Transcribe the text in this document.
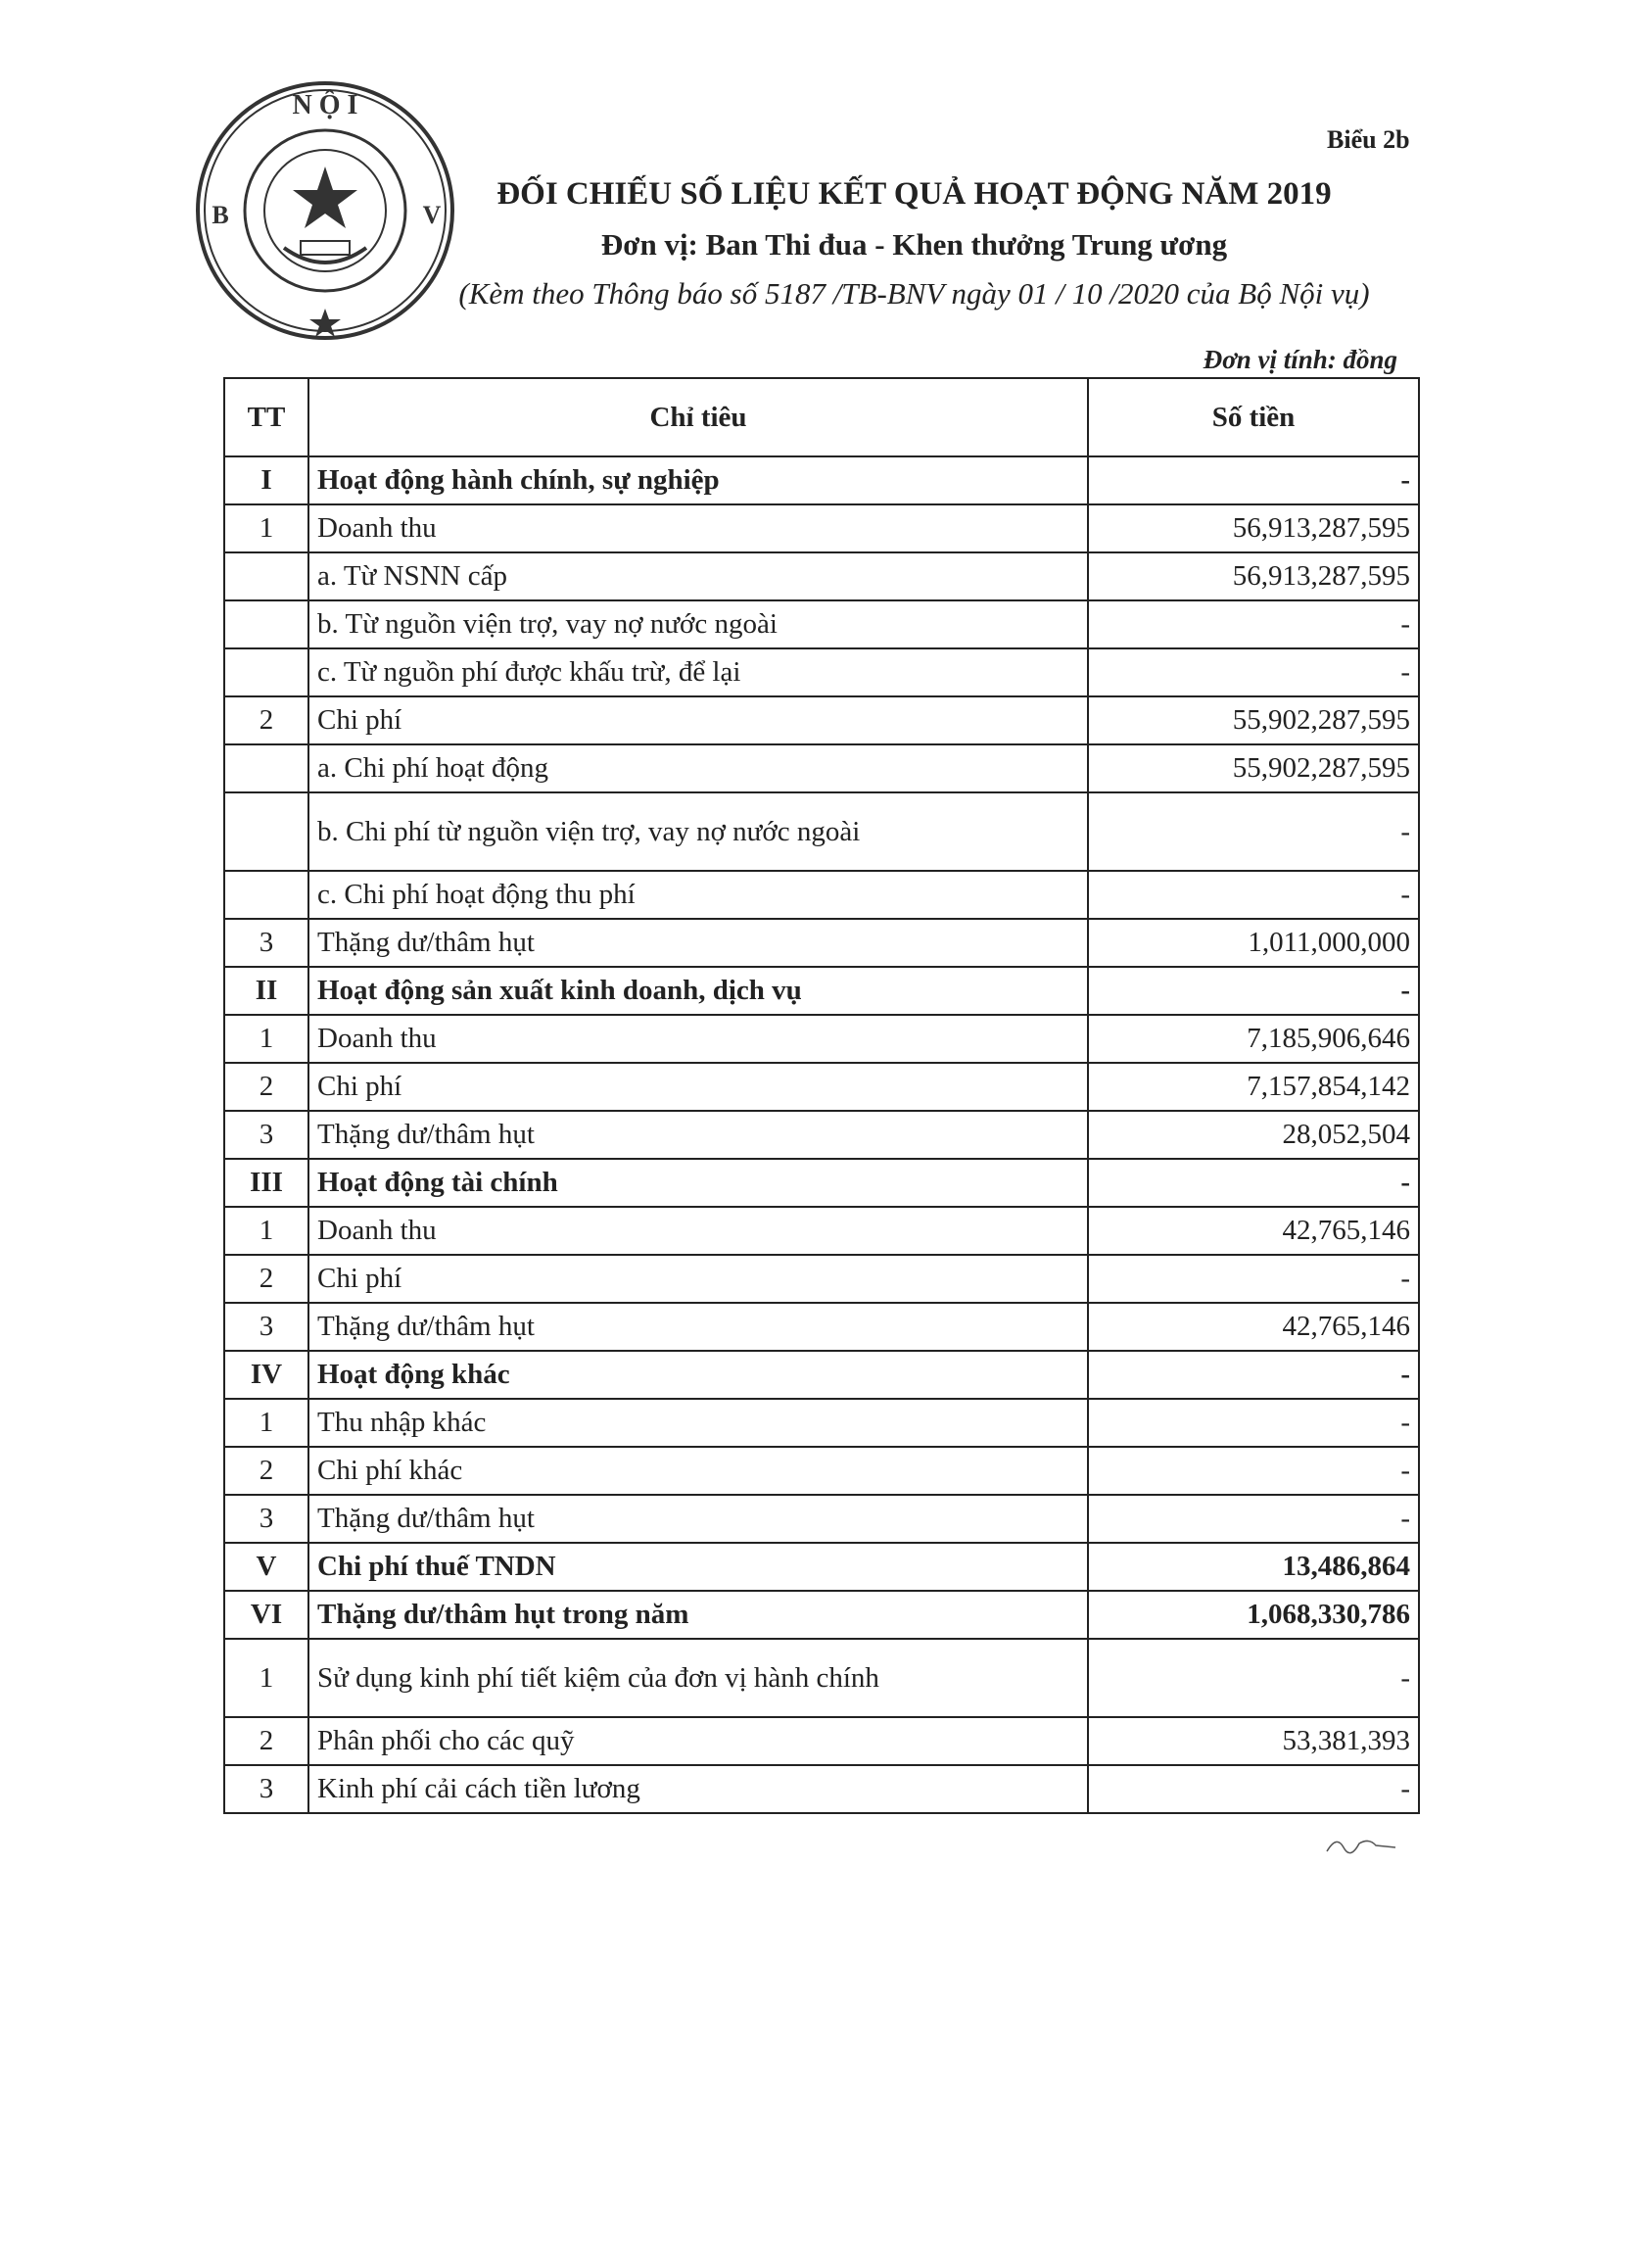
Biểu 2b
N Ộ I
B	V
ĐỐI CHIẾU SỐ LIỆU KẾT QUẢ HOẠT ĐỘNG NĂM 2019
Đơn vị: Ban Thi đua - Khen thưởng Trung ương
(Kèm theo Thông báo số 5187 /TB-BNV ngày 01 / 10 /2020 của Bộ Nội vụ)
Đơn vị tính: đồng
TT	Chỉ tiêu	Số tiền
I	Hoạt động hành chính, sự nghiệp	-
1	Doanh thu	56,913,287,595
	a. Từ NSNN cấp	56,913,287,595
	b. Từ nguồn viện trợ, vay nợ nước ngoài	-
	c. Từ nguồn phí được khấu trừ, để lại	-
2	Chi phí	55,902,287,595
	a. Chi phí hoạt động	55,902,287,595
	b. Chi phí từ nguồn viện trợ, vay nợ nước ngoài	-
	c. Chi phí hoạt động thu phí	-
3	Thặng dư/thâm hụt	1,011,000,000
II	Hoạt động sản xuất kinh doanh, dịch vụ	-
1	Doanh thu	7,185,906,646
2	Chi phí	7,157,854,142
3	Thặng dư/thâm hụt	28,052,504
III	Hoạt động tài chính	-
1	Doanh thu	42,765,146
2	Chi phí	-
3	Thặng dư/thâm hụt	42,765,146
IV	Hoạt động khác	-
1	Thu nhập khác	-
2	Chi phí khác	-
3	Thặng dư/thâm hụt	-
V	Chi phí thuế TNDN	13,486,864
VI	Thặng dư/thâm hụt trong năm	1,068,330,786
1	Sử dụng kinh phí tiết kiệm của đơn vị hành chính	-
2	Phân phối cho các quỹ	53,381,393
3	Kinh phí cải cách tiền lương	-
